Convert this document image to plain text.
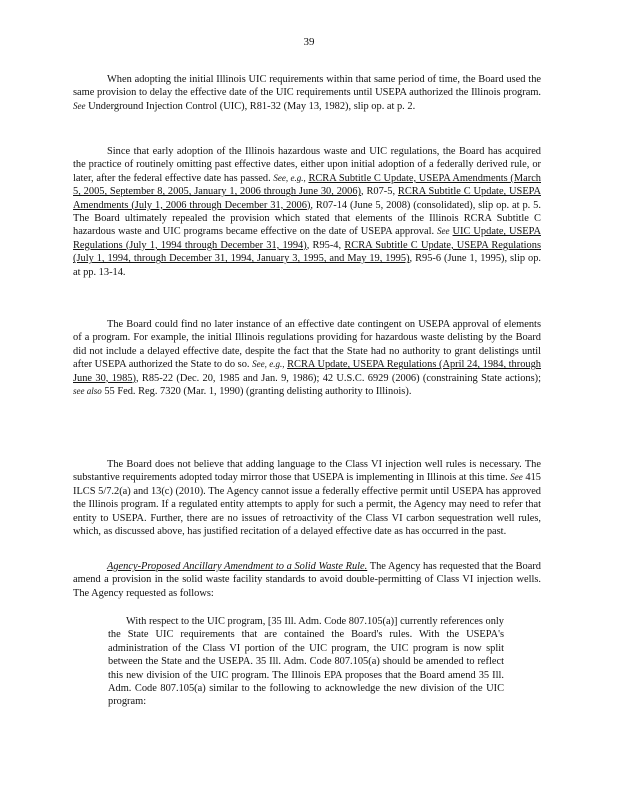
39

When adopting the initial Illinois UIC requirements within that same period of time, the Board used the same provision to delay the effective date of the UIC requirements until USEPA authorized the Illinois program. See Underground Injection Control (UIC), R81-32 (May 13, 1982), slip op. at p. 2.

Since that early adoption of the Illinois hazardous waste and UIC regulations, the Board has acquired the practice of routinely omitting past effective dates, either upon initial adoption of a federally derived rule, or later, after the federal effective date has passed. See, e.g., RCRA Subtitle C Update, USEPA Amendments (March 5, 2005, September 8, 2005, January 1, 2006 through June 30, 2006), R07-5, RCRA Subtitle C Update, USEPA Amendments (July 1, 2006 through December 31, 2006), R07-14 (June 5, 2008) (consolidated), slip op. at p. 5. The Board ultimately repealed the provision which stated that elements of the Illinois RCRA Subtitle C hazardous waste and UIC programs became effective on the date of USEPA approval. See UIC Update, USEPA Regulations (July 1, 1994 through December 31, 1994), R95-4, RCRA Subtitle C Update, USEPA Regulations (July 1, 1994, through December 31, 1994, January 3, 1995, and May 19, 1995), R95-6 (June 1, 1995), slip op. at pp. 13-14.

The Board could find no later instance of an effective date contingent on USEPA approval of elements of a program. For example, the initial Illinois regulations providing for hazardous waste delisting by the Board did not include a delayed effective date, despite the fact that the State had no authority to grant delistings until after USEPA authorized the State to do so. See, e.g., RCRA Update, USEPA Regulations (April 24, 1984, through June 30, 1985), R85-22 (Dec. 20, 1985 and Jan. 9, 1986); 42 U.S.C. 6929 (2006) (constraining State actions); see also 55 Fed. Reg. 7320 (Mar. 1, 1990) (granting delisting authority to Illinois).

The Board does not believe that adding language to the Class VI injection well rules is necessary. The substantive requirements adopted today mirror those that USEPA is implementing in Illinois at this time. See 415 ILCS 5/7.2(a) and 13(c) (2010). The Agency cannot issue a federally effective permit until USEPA has approved the Illinois program. If a regulated entity attempts to apply for such a permit, the Agency may need to refer that entity to USEPA. Further, there are no issues of retroactivity of the Class VI carbon sequestration well rules, which, as discussed above, has justified recitation of a delayed effective date as has occurred in the past.

Agency-Proposed Ancillary Amendment to a Solid Waste Rule. The Agency has requested that the Board amend a provision in the solid waste facility standards to avoid double-permitting of Class VI injection wells. The Agency requested as follows:

With respect to the UIC program, [35 Ill. Adm. Code 807.105(a)] currently references only the State UIC requirements that are contained the Board's rules. With the USEPA's administration of the Class VI portion of the UIC program, the UIC program is now split between the State and the USEPA. 35 Ill. Adm. Code 807.105(a) should be amended to reflect this new division of the UIC program. The Illinois EPA proposes that the Board amend 35 Ill. Adm. Code 807.105(a) similar to the following to acknowledge the new division of the UIC program:
